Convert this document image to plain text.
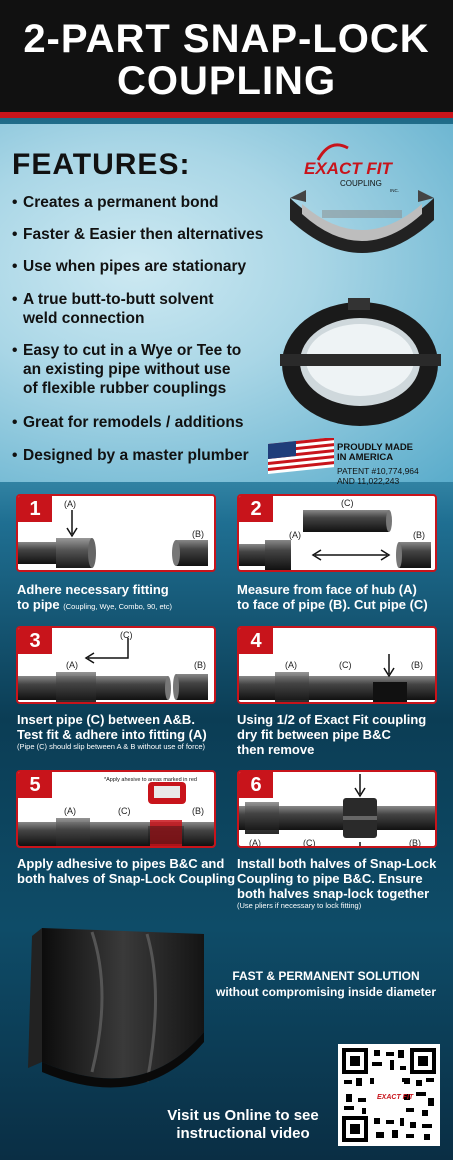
2-PART SNAP-LOCK
COUPLING
FEATURES:
• Creates a permanent bond
• Faster & Easier then alternatives
• Use when pipes are stationary
• A true butt-to-butt solvent
weld connection
• Easy to cut in a Wye or Tee to
an existing pipe without use
of flexible rubber couplings
• Great for remodels / additions
• Designed by a master plumber
EXACT FIT
COUPLING
INC.
PROUDLY MADE
IN AMERICA
PATENT #10,774,964
AND 11,022,243
(A)
(B)
1
Adhere necessary fitting
to pipe (Coupling, Wye, Combo, 90, etc)
(C)
(A)	(B)
2
Measure from face of hub (A)
to face of pipe (B). Cut pipe (C)
(C)
(A)	(B)
3
Insert pipe (C) between A&B.
Test fit & adhere into fitting (A)
(Pipe (C) should slip between A & B without use of force)
(A)	(C)	(B)
4
Using 1/2 of Exact Fit coupling
dry fit between pipe B&C
then remove
*Apply ahesive to areas marked in red
(A)	(C)	(B)
5
Apply adhesive to pipes B&C and
both halves of Snap-Lock Coupling
(A)	(C)	(B)
6
Install both halves of Snap-Lock
Coupling to pipe B&C. Ensure
both halves snap-lock together
(Use pliers if necessary to lock fitting)
FAST & PERMANENT SOLUTION
without compromising inside diameter
Visit us Online to see
instructional video
EXACT FIT
